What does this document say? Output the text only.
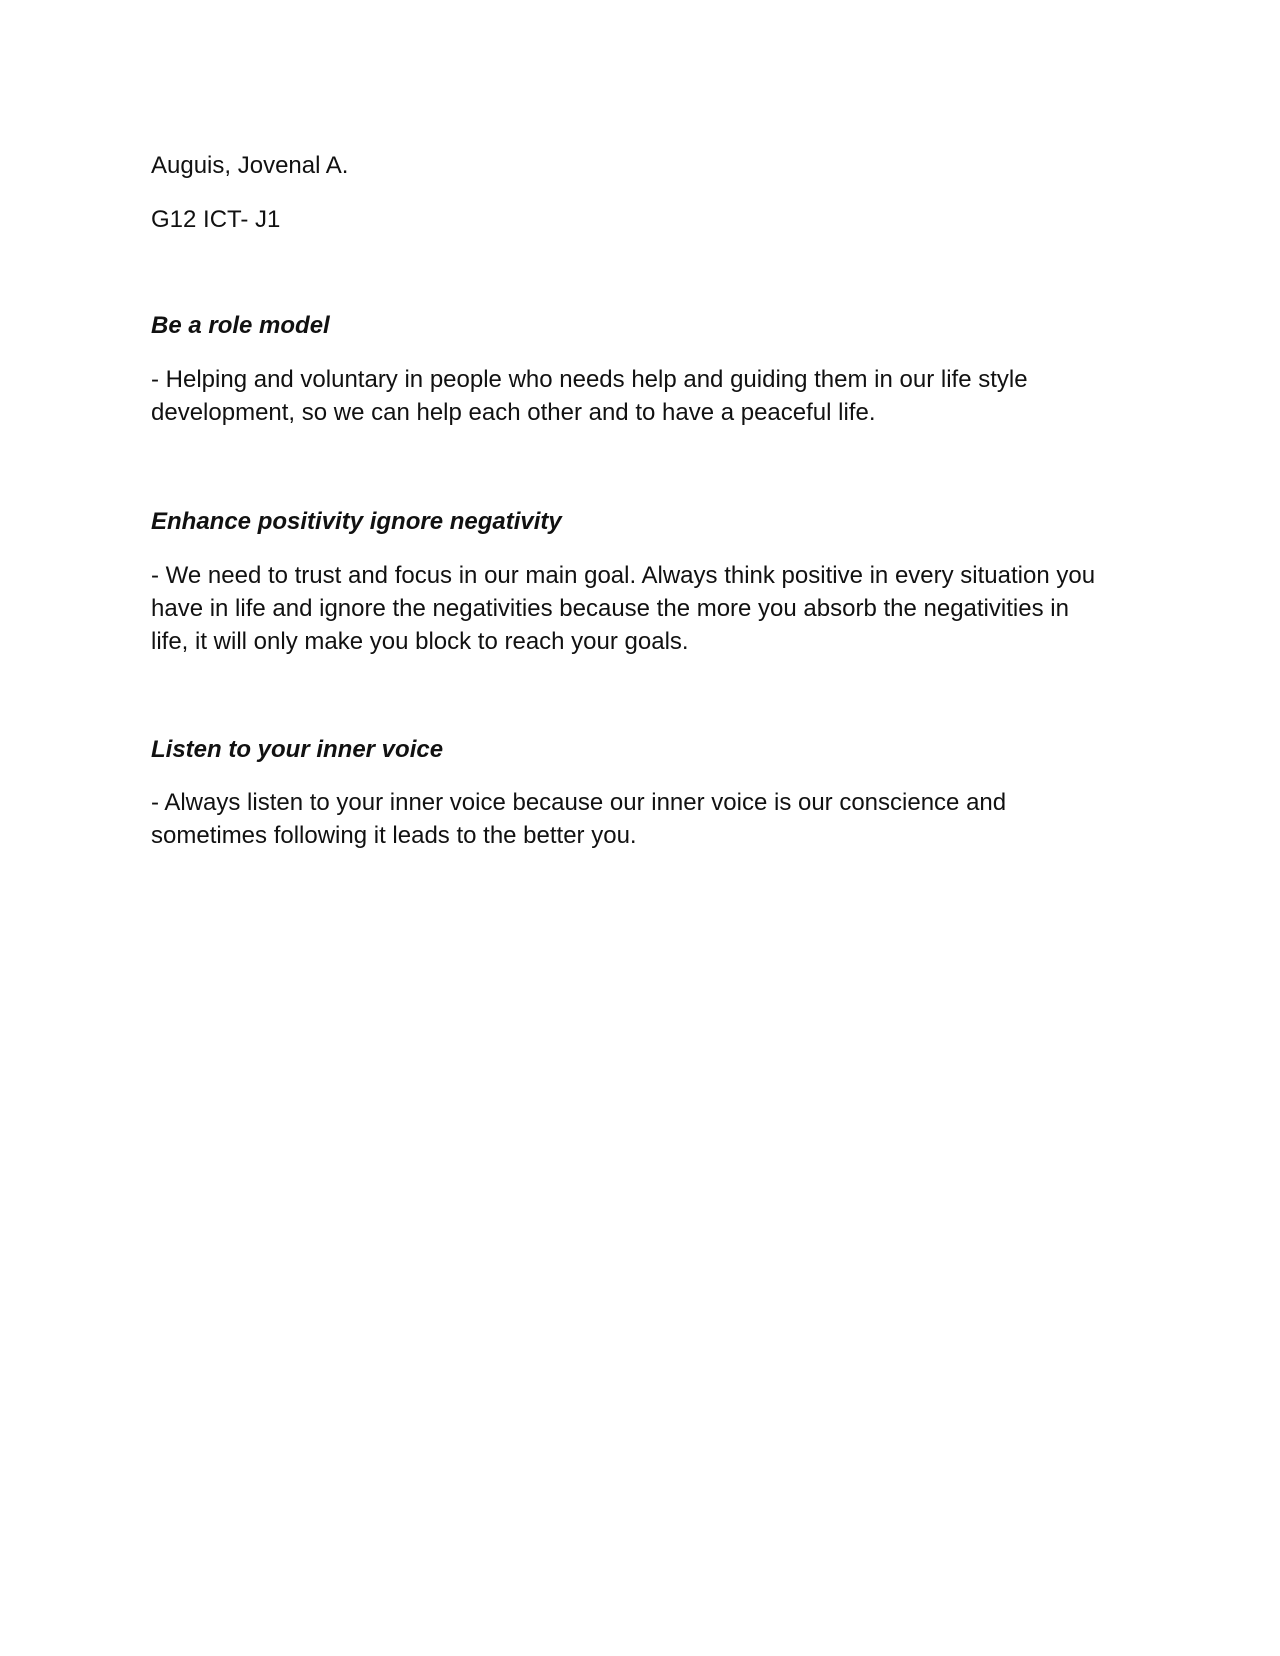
Auguis, Jovenal A.

G12 ICT- J1

Be a role model

- Helping and voluntary in people who needs help and guiding them in our life style development, so we can help each other and to have a peaceful life.

Enhance positivity ignore negativity

- We need to trust and focus in our main goal. Always think positive in every situation you have in life and ignore the negativities because the more you absorb the negativities in life, it will only make you block to reach your goals.

Listen to your inner voice

- Always listen to your inner voice because our inner voice is our conscience and sometimes following it leads to the better you.
